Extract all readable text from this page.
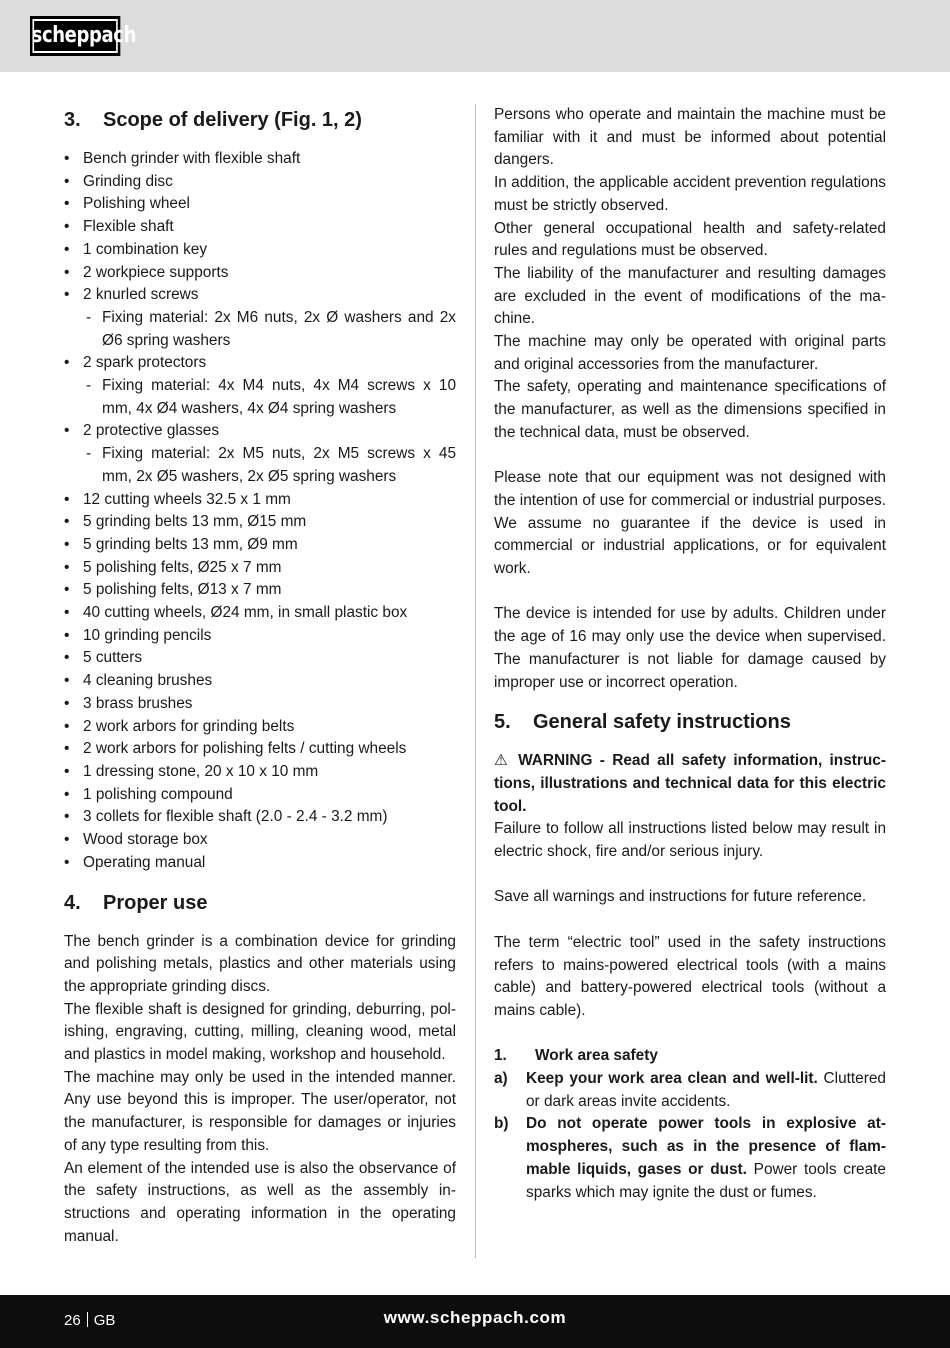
scheppach
3.	Scope of delivery (Fig. 1, 2)
• Bench grinder with flexible shaft
• Grinding disc
• Polishing wheel
• Flexible shaft
• 1 combination key
• 2 workpiece supports
• 2 knurled screws
- Fixing material: 2x M6 nuts, 2x Ø washers and 2x Ø6 spring washers
• 2 spark protectors
- Fixing material: 4x M4 nuts, 4x M4 screws x 10 mm, 4x Ø4 washers, 4x Ø4 spring washers
• 2 protective glasses
- Fixing material: 2x M5 nuts, 2x M5 screws x 45 mm, 2x Ø5 washers, 2x Ø5 spring washers
• 12 cutting wheels 32.5 x 1 mm
• 5 grinding belts 13 mm, Ø15 mm
• 5 grinding belts 13 mm, Ø9 mm
• 5 polishing felts, Ø25 x 7 mm
• 5 polishing felts, Ø13 x 7 mm
• 40 cutting wheels, Ø24 mm, in small plastic box
• 10 grinding pencils
• 5 cutters
• 4 cleaning brushes
• 3 brass brushes
• 2 work arbors for grinding belts
• 2 work arbors for polishing felts / cutting wheels
• 1 dressing stone, 20 x 10 x 10 mm
• 1 polishing compound
• 3 collets for flexible shaft (2.0 - 2.4 - 3.2 mm)
• Wood storage box
• Operating manual
4.	Proper use

The bench grinder is a combination device for grinding and polishing metals, plastics and other materials using the appropriate grinding discs.

The flexible shaft is designed for grinding, deburring, polishing, engraving, cutting, milling, cleaning wood, metal and plastics in model making, workshop and household.

The machine may only be used in the intended manner. Any use beyond this is improper. The user/operator, not the manufacturer, is responsible for damages or injuries of any type resulting from this.

An element of the intended use is also the observance of the safety instructions, as well as the assembly instructions and operating information in the operating manual.

Persons who operate and maintain the machine must be familiar with it and must be informed about potential dangers.

In addition, the applicable accident prevention regulations must be strictly observed.

Other general occupational health and safety-related rules and regulations must be observed.

The liability of the manufacturer and resulting damages are excluded in the event of modifications of the machine.

The machine may only be operated with original parts and original accessories from the manufacturer.

The safety, operating and maintenance specifications of the manufacturer, as well as the dimensions specified in the technical data, must be observed.

Please note that our equipment was not designed with the intention of use for commercial or industrial purposes. We assume no guarantee if the device is used in commercial or industrial applications, or for equivalent work.

The device is intended for use by adults. Children under the age of 16 may only use the device when supervised. The manufacturer is not liable for damage caused by improper use or incorrect operation.

5.	General safety instructions

⚠ WARNING - Read all safety information, instructions, illustrations and technical data for this electric tool.

Failure to follow all instructions listed below may result in electric shock, fire and/or serious injury.

Save all warnings and instructions for future reference.

The term “electric tool” used in the safety instructions refers to mains-powered electrical tools (with a mains cable) and battery-powered electrical tools (without a mains cable).

1.	Work area safety
a)	Keep your work area clean and well-lit. Cluttered or dark areas invite accidents.
b)	Do not operate power tools in explosive atmospheres, such as in the presence of flammable liquids, gases or dust. Power tools create sparks which may ignite the dust or fumes.
26 GB	www.scheppach.com
